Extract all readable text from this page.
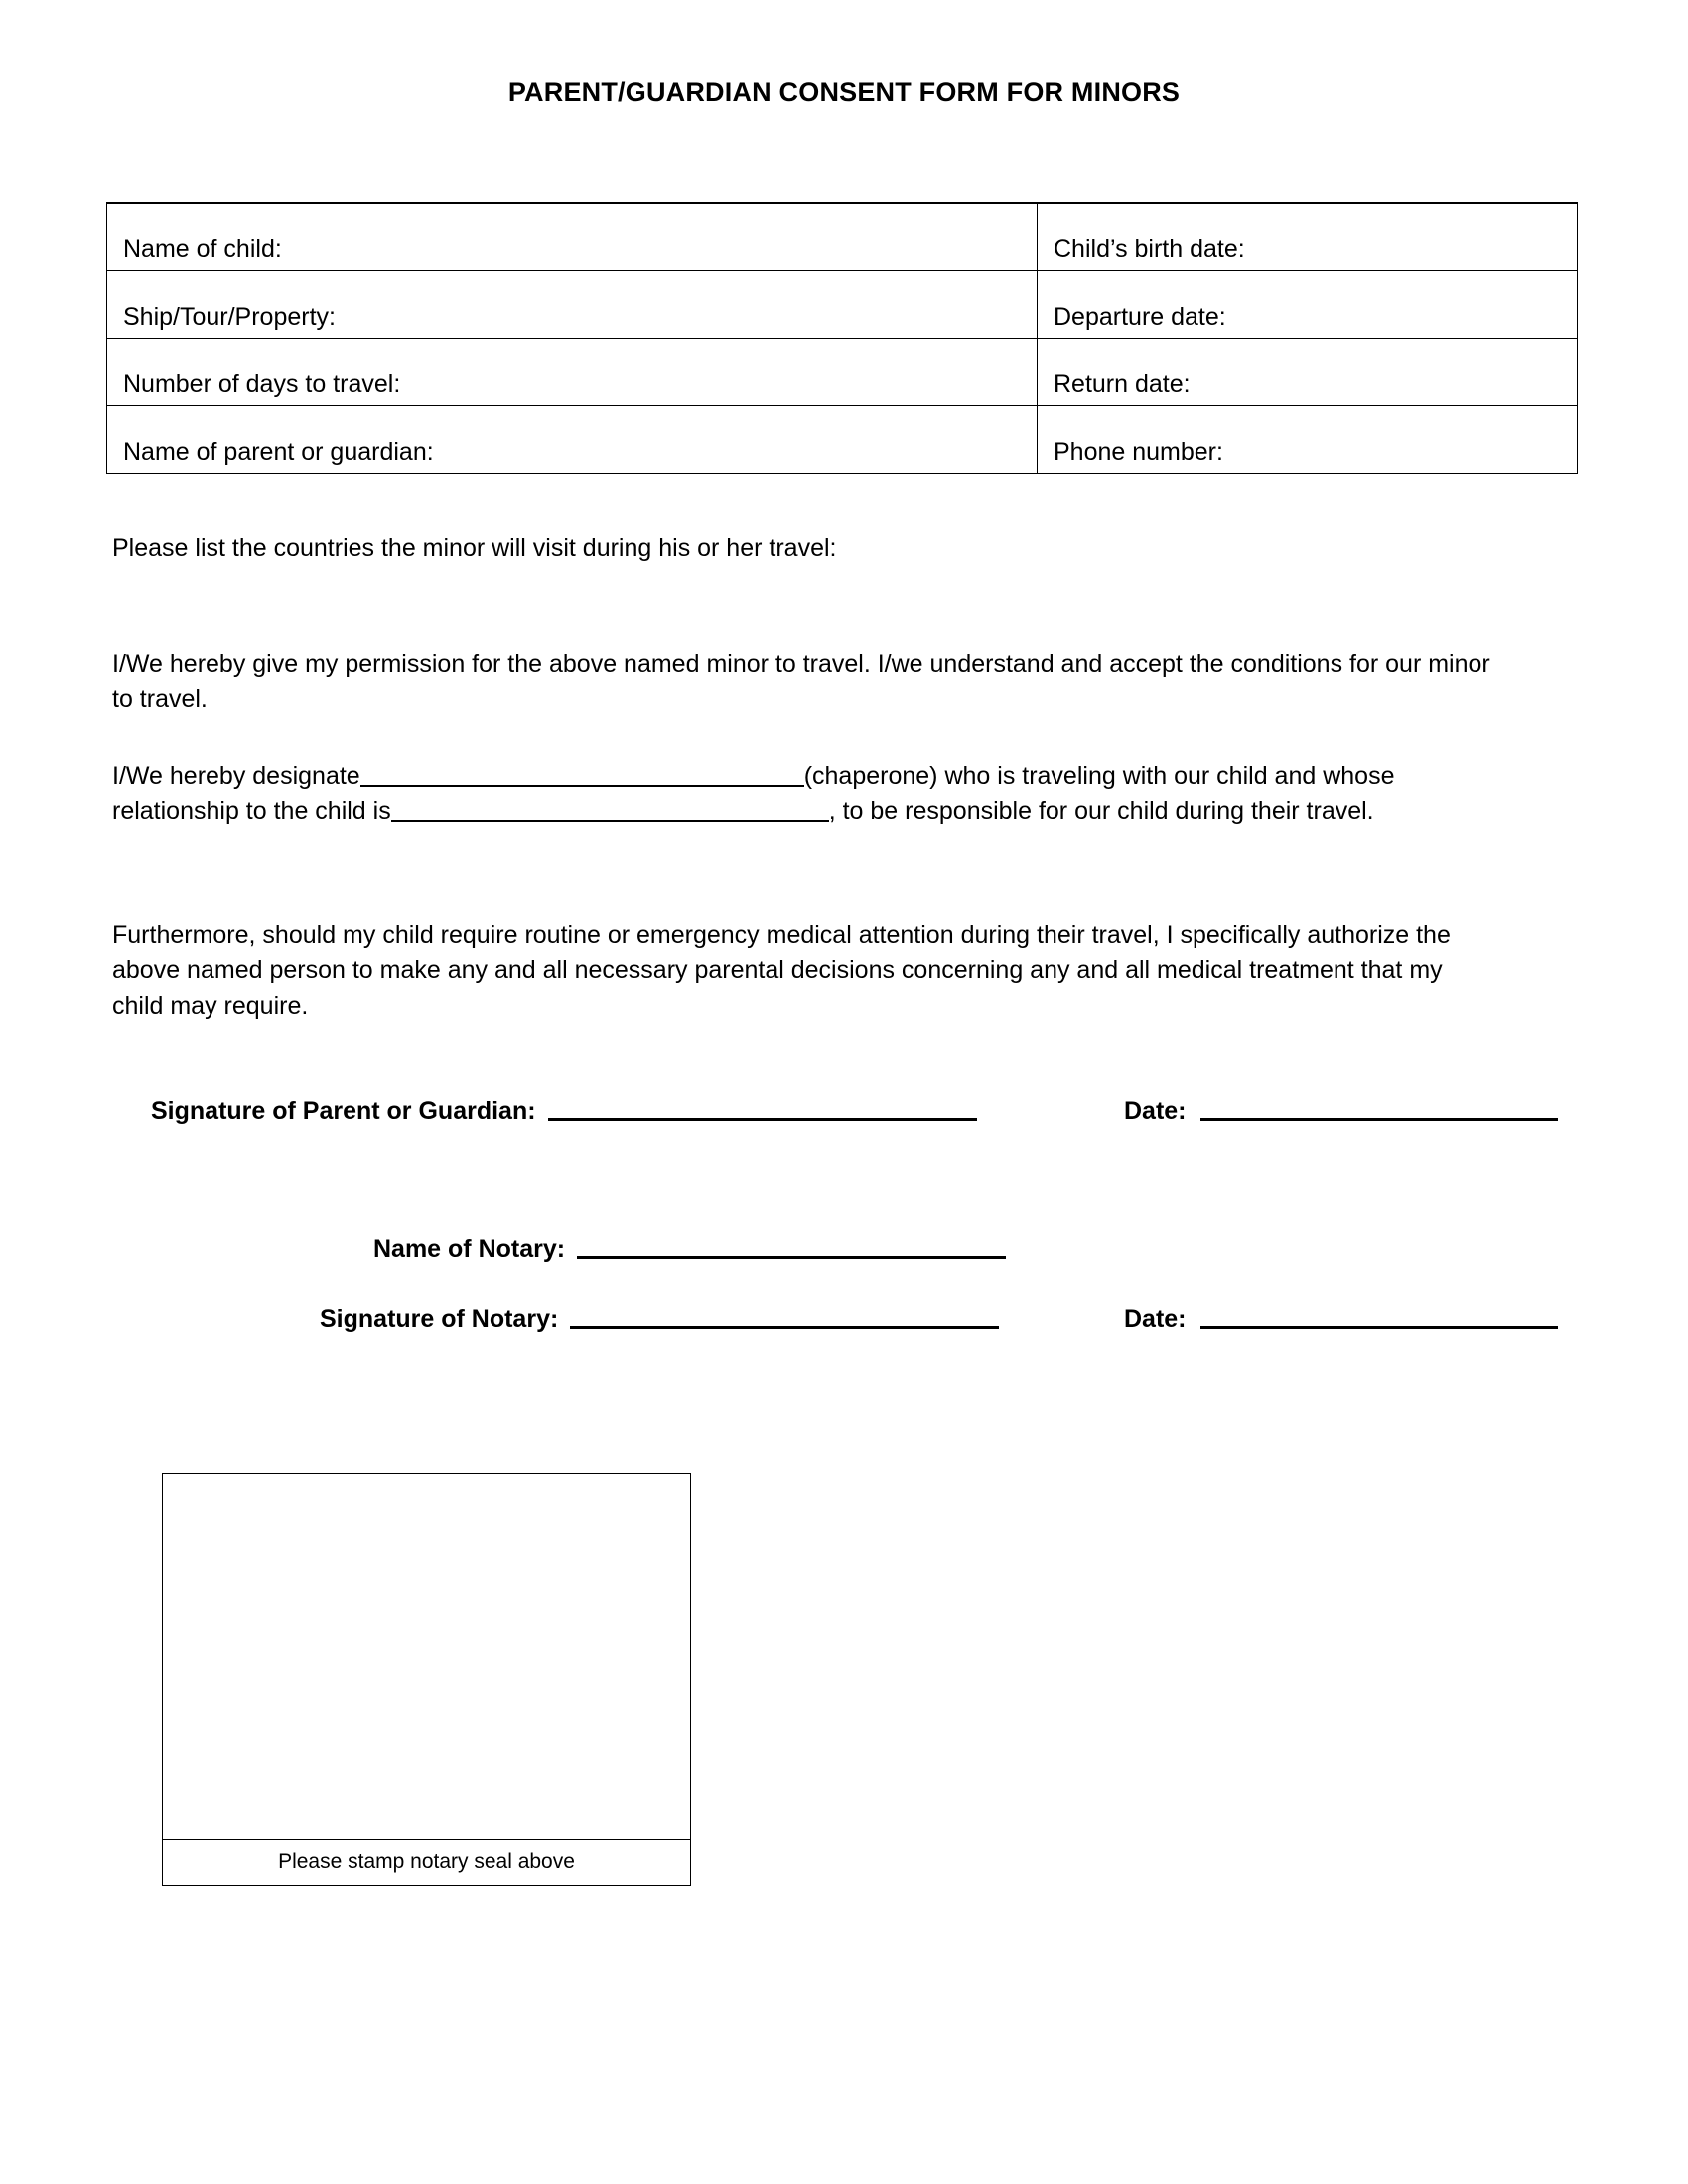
PARENT/GUARDIAN CONSENT FORM FOR MINORS
Name of child:	Child’s birth date:
Ship/Tour/Property:	Departure date:
Number of days to travel:	Return date:
Name of parent or guardian:	Phone number:
Please list the countries the minor will visit during his or her travel:
I/We hereby give my permission for the above named minor to travel. I/we understand and accept the conditions for our minor to travel.
I/We hereby designate	(chaperone) who is traveling with our child and whose relationship to the child is	, to be responsible for our child during their travel.
Furthermore, should my child require routine or emergency medical attention during their travel, I specifically authorize the above named person to make any and all necessary parental decisions concerning any and all medical treatment that my child may require.
Signature of Parent or Guardian:	Date:
Name of Notary:
Signature of Notary:	Date:
Please stamp notary seal above
